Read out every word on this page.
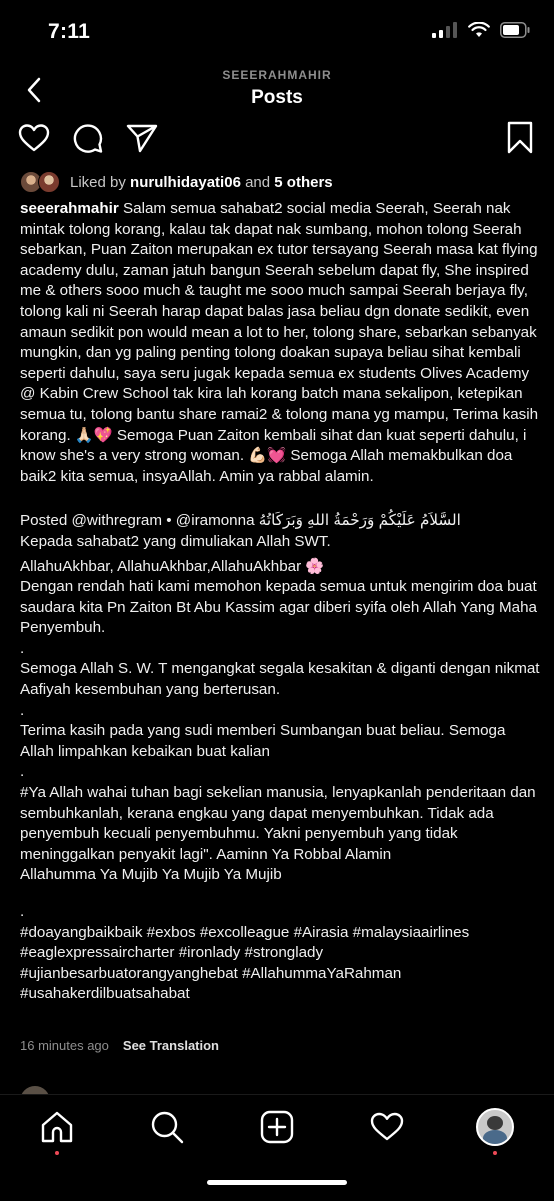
7:11
SEEERAHMAHIR
Posts
Liked by
nurulhidayati06
and
5 others

seeerahmahir Salam semua sahabat2 social media Seerah, Seerah nak mintak tolong korang, kalau tak dapat nak sumbang, mohon tolong Seerah sebarkan, Puan Zaiton merupakan ex tutor tersayang Seerah masa kat flying academy dulu, zaman jatuh bangun Seerah sebelum dapat fly, She inspired me & others sooo much & taught me sooo much sampai Seerah berjaya fly, tolong kali ni Seerah harap dapat balas jasa beliau dgn donate sedikit, even amaun sedikit pon would mean a lot to her, tolong share, sebarkan sebanyak mungkin, dan yg paling penting tolong doakan supaya beliau sihat kembali seperti dahulu, saya seru jugak kepada semua ex students Olives Academy @ Kabin Crew School tak kira lah korang batch mana sekalipon, ketepikan semua tu, tolong bantu share ramai2 & tolong mana yg mampu, Terima kasih korang. 🙏🏻💖 Semoga Puan Zaiton kembali sihat dan kuat seperti dahulu, i know she's a very strong woman. 💪🏻💓 Semoga Allah memakbulkan doa baik2 kita semua, insyaAllah. Amin ya rabbal alamin.

Posted @withregram • @iramonna السَّلاَمُ عَلَيْكُمْ وَرَحْمَةُ اللهِ وَبَرَكَاتُهُ

Kepada sahabat2 yang dimuliakan Allah SWT.

AllahuAkhbar, AllahuAkhbar,AllahuAkhbar 🌸

Dengan rendah hati kami memohon kepada semua untuk mengirim doa buat saudara kita Pn Zaiton Bt Abu Kassim agar diberi syifa oleh Allah Yang Maha Penyembuh.

.

Semoga Allah S. W. T mengangkat segala kesakitan & diganti dengan nikmat Aafiyah kesembuhan yang berterusan.

.

Terima kasih pada yang sudi memberi Sumbangan buat beliau. Semoga Allah limpahkan kebaikan buat kalian

.

#Ya Allah wahai tuhan bagi sekelian manusia, lenyapkanlah penderitaan dan sembuhkanlah, kerana engkau yang dapat menyembuhkan. Tidak ada penyembuh kecuali penyembuhmu. Yakni penyembuh yang tidak meninggalkan penyakit lagi". Aaminn Ya Robbal Alamin

Allahumma Ya Mujib Ya Mujib Ya Mujib

.

#doayangbaikbaik #exbos #excolleague #Airasia #malaysiaairlines #eaglexpressaircharter #ironlady #stronglady #ujianbesarbuatorangyanghebat #AllahummaYaRahman #usahakerdilbuatsahabat

16 minutes ago See Translation
